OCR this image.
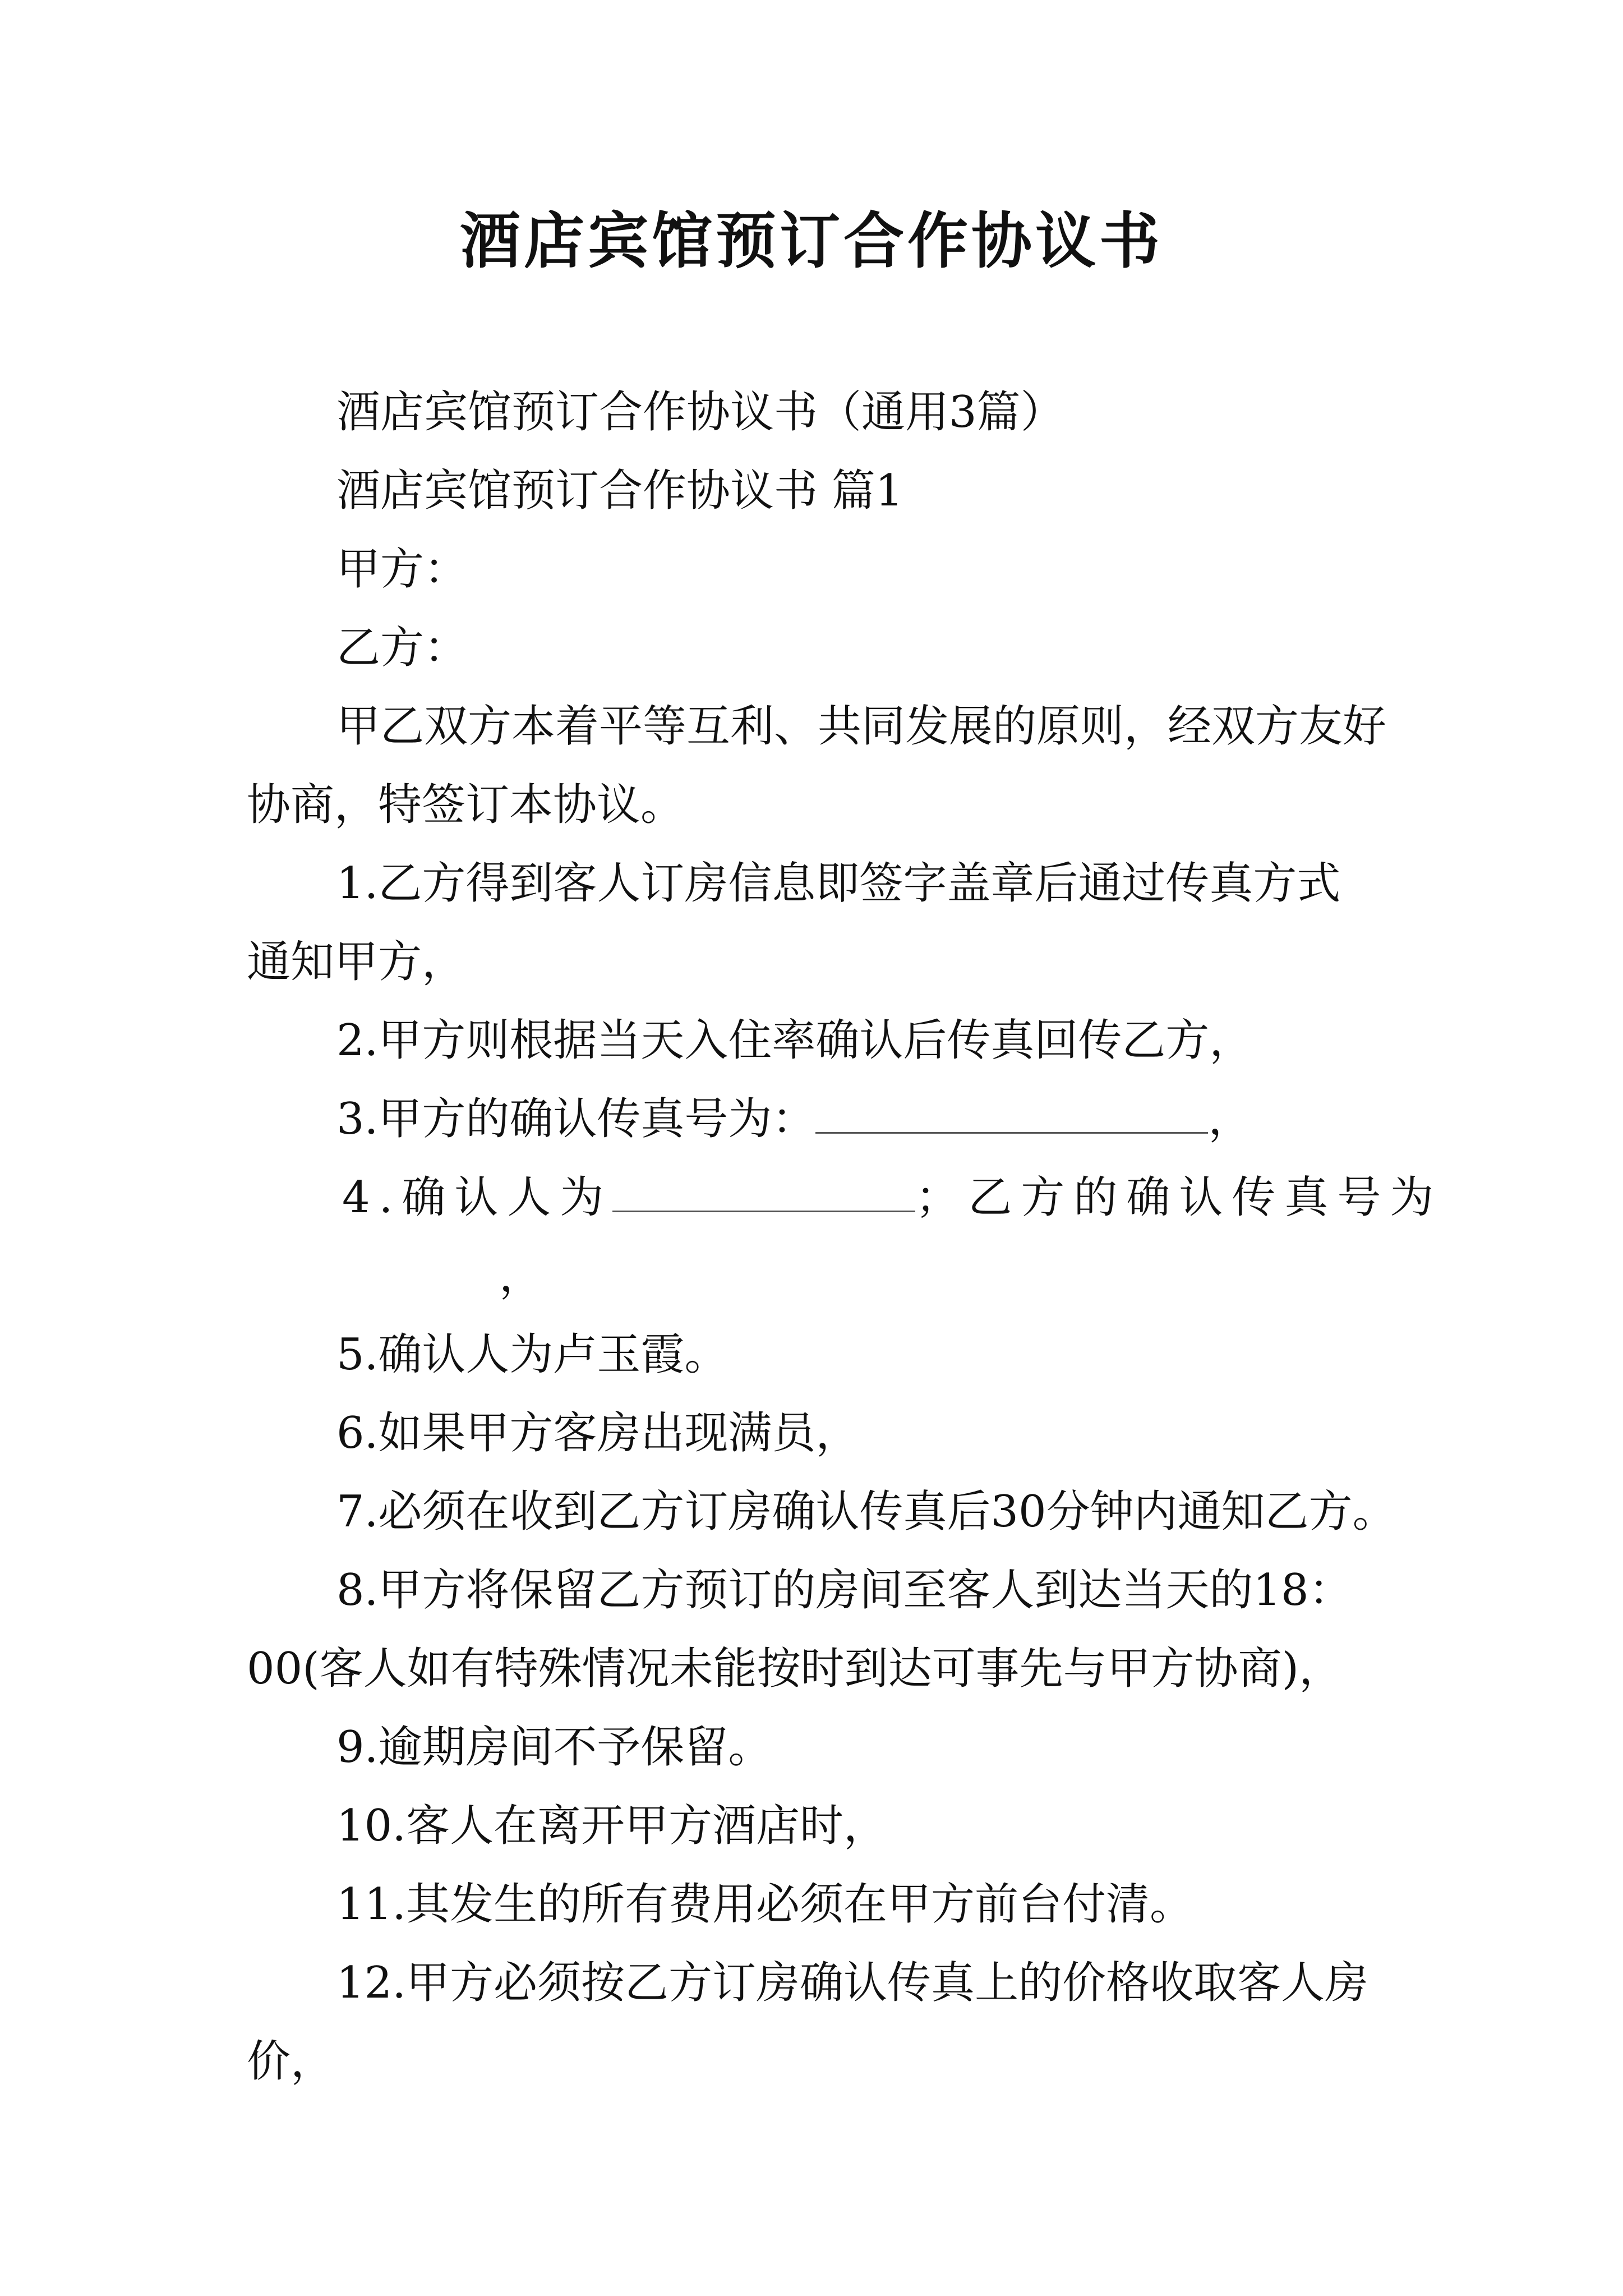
酒店宾馆预订合作协议书
酒店宾馆预订合作协议书（通用3篇）
酒店宾馆预订合作协议书 篇1
甲方：
乙方：
甲乙双方本着平等互利、共同发展的原则，经双方友好
协商，特签订本协议。
1.乙方得到客人订房信息即签字盖章后通过传真方式
通知甲方，
2.甲方则根据当天入住率确认后传真回传乙方，
3.甲方的确认传真号为：	，
4.确认人为	；乙方的确认传真号为
，
5.确认人为卢玉霞。
6.如果甲方客房出现满员，
7.必须在收到乙方订房确认传真后30分钟内通知乙方。
8.甲方将保留乙方预订的房间至客人到达当天的18：
00(客人如有特殊情况未能按时到达可事先与甲方协商)，
9.逾期房间不予保留。
10.客人在离开甲方酒店时，
11.其发生的所有费用必须在甲方前台付清。
12.甲方必须按乙方订房确认传真上的价格收取客人房
价，
